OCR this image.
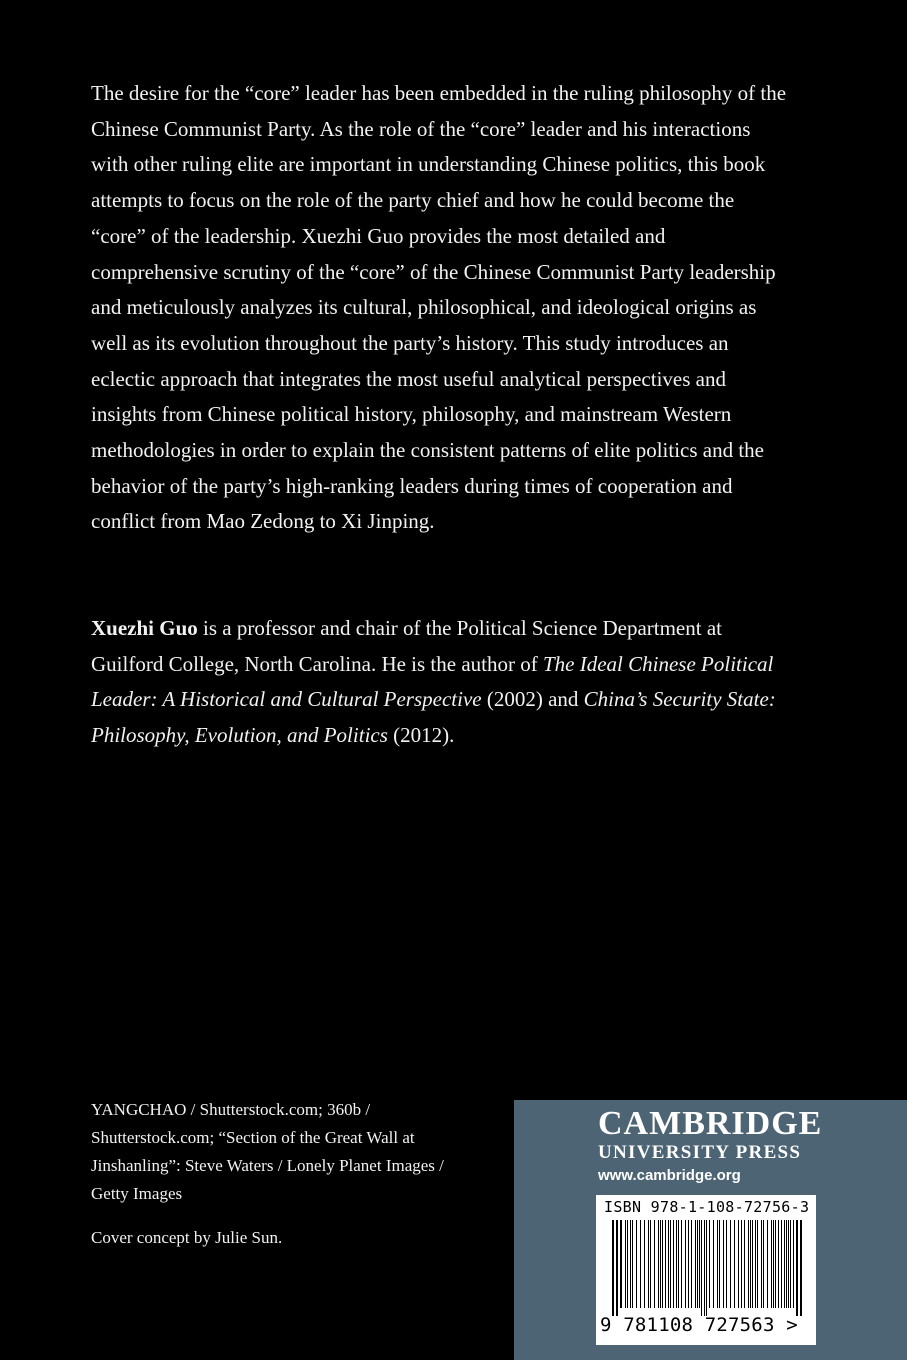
The desire for the “core” leader has been embedded in the ruling philosophy of the Chinese Communist Party. As the role of the “core” leader and his interactions with other ruling elite are important in understanding Chinese politics, this book attempts to focus on the role of the party chief and how he could become the “core” of the leadership. Xuezhi Guo provides the most detailed and comprehensive scrutiny of the “core” of the Chinese Communist Party leadership and meticulously analyzes its cultural, philosophical, and ideological origins as well as its evolution throughout the party’s history. This study introduces an eclectic approach that integrates the most useful analytical perspectives and insights from Chinese political history, philosophy, and mainstream Western methodologies in order to explain the consistent patterns of elite politics and the behavior of the party’s high-ranking leaders during times of cooperation and conflict from Mao Zedong to Xi Jinping.

Xuezhi Guo is a professor and chair of the Political Science Department at Guilford College, North Carolina. He is the author of The Ideal Chinese Political Leader: A Historical and Cultural Perspective (2002) and China’s Security State: Philosophy, Evolution, and Politics (2012).

YANGCHAO / Shutterstock.com; 360b / Shutterstock.com; “Section of the Great Wall at Jinshanling”: Steve Waters / Lonely Planet Images / Getty Images

Cover concept by Julie Sun.

CAMBRIDGE

UNIVERSITY PRESS

www.cambridge.org

ISBN 978-1-108-72756-3

9 781108 727563 >
